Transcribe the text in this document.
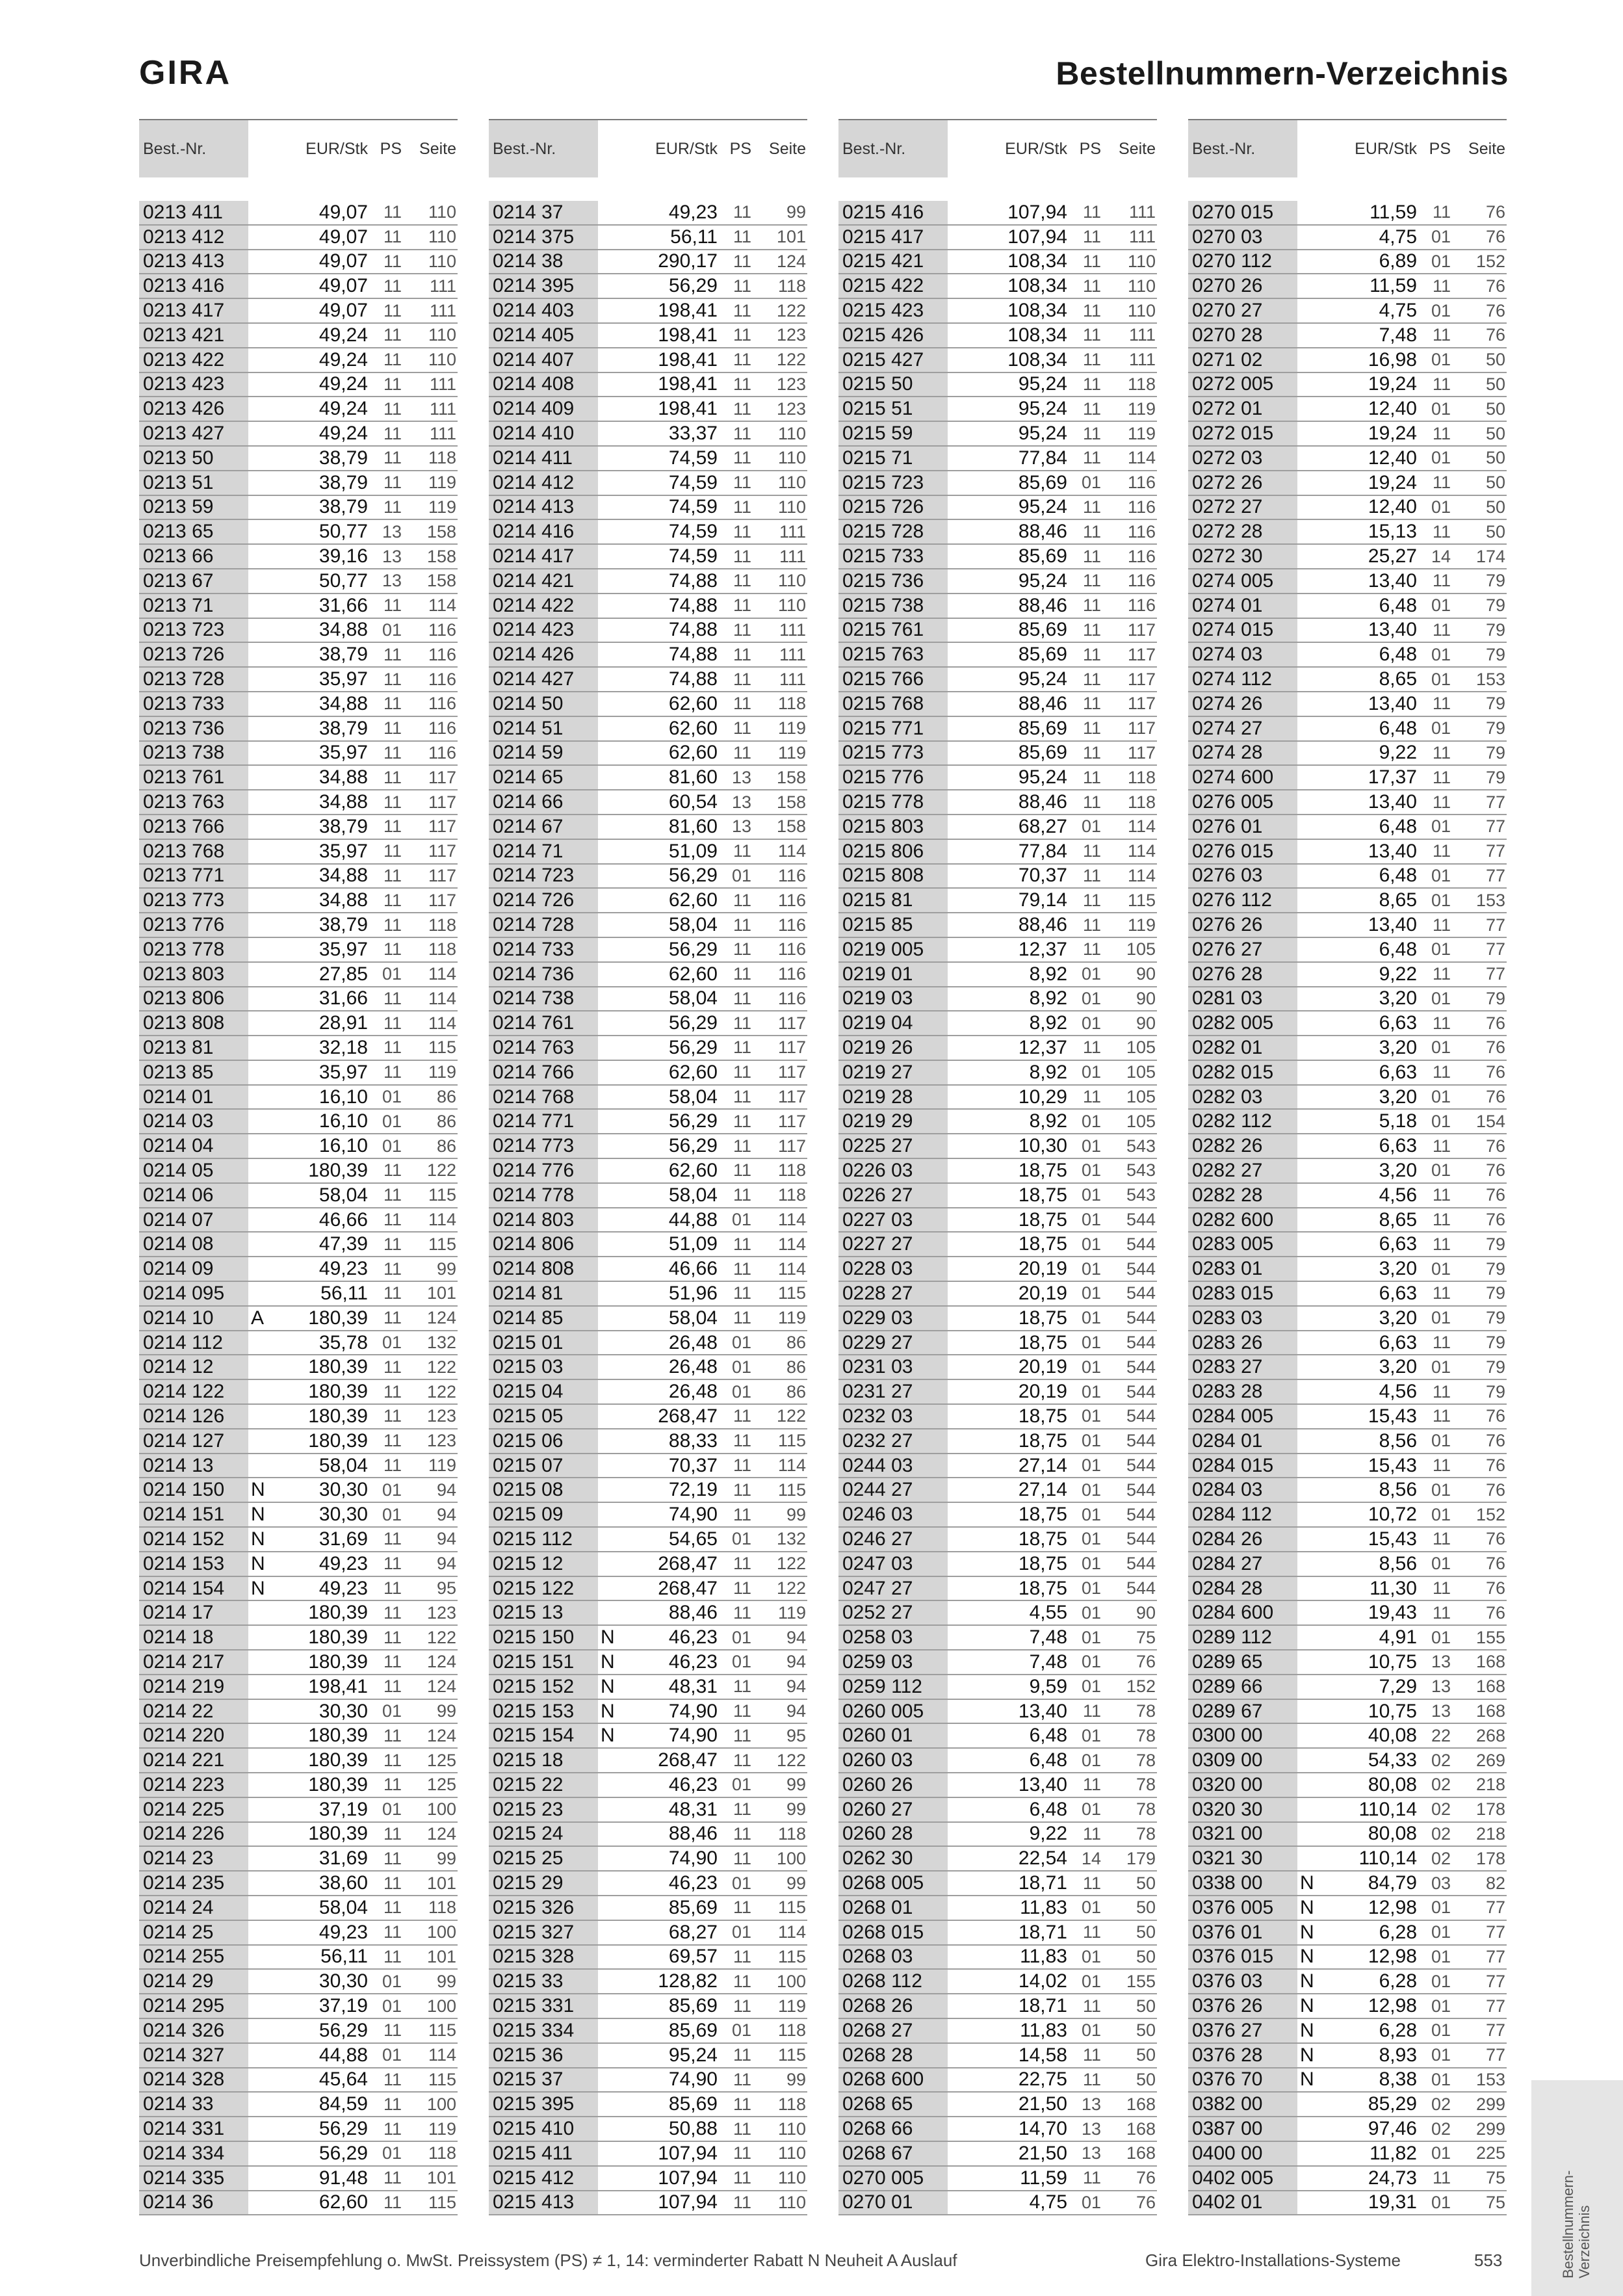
GIRA	Bestellnummern-Verzeichnis
Best.-Nr.	EUR/Stk PS	Seite
0213 411	49,07 11	110
0213 412	49,07 11	110
0213 413	49,07 11	110
0213 416	49,07 11	111
0213 417	49,07 11	111
0213 421	49,24 11	110
0213 422	49,24 11	110
0213 423	49,24 11	111
0213 426	49,24 11	111
0213 427	49,24 11	111
0213 50	38,79 11	118
0213 51	38,79 11	119
0213 59	38,79 11	119
0213 65	50,77 13	158
0213 66	39,16 13	158
0213 67	50,77 13	158
0213 71	31,66 11	114
0213 723	34,88 01	116
0213 726	38,79 11	116
0213 728	35,97 11	116
0213 733	34,88 11	116
0213 736	38,79 11	116
0213 738	35,97 11	116
0213 761	34,88 11	117
0213 763	34,88 11	117
0213 766	38,79 11	117
0213 768	35,97 11	117
0213 771	34,88 11	117
0213 773	34,88 11	117
0213 776	38,79 11	118
0213 778	35,97 11	118
0213 803	27,85 01	114
0213 806	31,66 11	114
0213 808	28,91 11	114
0213 81	32,18 11	115
0213 85	35,97 11	119
0214 01	16,10 01	86
0214 03	16,10 01	86
0214 04	16,10 01	86
0214 05	180,39 11	122
0214 06	58,04 11	115
0214 07	46,66 11	114
0214 08	47,39 11	115
0214 09	49,23 11	99
0214 095	56,11 11	101
0214 10	A	180,39 11	124
0214 112	35,78 01	132
0214 12	180,39 11	122
0214 122	180,39 11	122
0214 126	180,39 11	123
0214 127	180,39 11	123
0214 13	58,04 11	119
0214 150	N	30,30 01	94
0214 151	N	30,30 01	94
0214 152	N	31,69 11	94
0214 153	N	49,23 11	94
0214 154	N	49,23 11	95
0214 17	180,39 11	123
0214 18	180,39 11	122
0214 217	180,39 11	124
0214 219	198,41 11	124
0214 22	30,30 01	99
0214 220	180,39 11	124
0214 221	180,39 11	125
0214 223	180,39 11	125
0214 225	37,19 01	100
0214 226	180,39 11	124
0214 23	31,69 11	99
0214 235	38,60 11	101
0214 24	58,04 11	118
0214 25	49,23 11	100
0214 255	56,11 11	101
0214 29	30,30 01	99
0214 295	37,19 01	100
0214 326	56,29 11	115
0214 327	44,88 01	114
0214 328	45,64 11	115
0214 33	84,59 11	100
0214 331	56,29 11	119
0214 334	56,29 01	118
0214 335	91,48 11	101
0214 36	62,60 11	115
Best.-Nr.	EUR/Stk PS	Seite
0214 37	49,23 11	99
0214 375	56,11 11	101
0214 38	290,17 11	124
0214 395	56,29 11	118
0214 403	198,41 11	122
0214 405	198,41 11	123
0214 407	198,41 11	122
0214 408	198,41 11	123
0214 409	198,41 11	123
0214 410	33,37 11	110
0214 411	74,59 11	110
0214 412	74,59 11	110
0214 413	74,59 11	110
0214 416	74,59 11	111
0214 417	74,59 11	111
0214 421	74,88 11	110
0214 422	74,88 11	110
0214 423	74,88 11	111
0214 426	74,88 11	111
0214 427	74,88 11	111
0214 50	62,60 11	118
0214 51	62,60 11	119
0214 59	62,60 11	119
0214 65	81,60 13	158
0214 66	60,54 13	158
0214 67	81,60 13	158
0214 71	51,09 11	114
0214 723	56,29 01	116
0214 726	62,60 11	116
0214 728	58,04 11	116
0214 733	56,29 11	116
0214 736	62,60 11	116
0214 738	58,04 11	116
0214 761	56,29 11	117
0214 763	56,29 11	117
0214 766	62,60 11	117
0214 768	58,04 11	117
0214 771	56,29 11	117
0214 773	56,29 11	117
0214 776	62,60 11	118
0214 778	58,04 11	118
0214 803	44,88 01	114
0214 806	51,09 11	114
0214 808	46,66 11	114
0214 81	51,96 11	115
0214 85	58,04 11	119
0215 01	26,48 01	86
0215 03	26,48 01	86
0215 04	26,48 01	86
0215 05	268,47 11	122
0215 06	88,33 11	115
0215 07	70,37 11	114
0215 08	72,19 11	115
0215 09	74,90 11	99
0215 112	54,65 01	132
0215 12	268,47 11	122
0215 122	268,47 11	122
0215 13	88,46 11	119
0215 150	N	46,23 01	94
0215 151	N	46,23 01	94
0215 152	N	48,31 11	94
0215 153	N	74,90 11	94
0215 154	N	74,90 11	95
0215 18	268,47 11	122
0215 22	46,23 01	99
0215 23	48,31 11	99
0215 24	88,46 11	118
0215 25	74,90 11	100
0215 29	46,23 01	99
0215 326	85,69 11	115
0215 327	68,27 01	114
0215 328	69,57 11	115
0215 33	128,82 11	100
0215 331	85,69 11	119
0215 334	85,69 01	118
0215 36	95,24 11	115
0215 37	74,90 11	99
0215 395	85,69 11	118
0215 410	50,88 11	110
0215 411	107,94 11	110
0215 412	107,94 11	110
0215 413	107,94 11	110
Best.-Nr.	EUR/Stk PS	Seite
0215 416	107,94 11	111
0215 417	107,94 11	111
0215 421	108,34 11	110
0215 422	108,34 11	110
0215 423	108,34 11	110
0215 426	108,34 11	111
0215 427	108,34 11	111
0215 50	95,24 11	118
0215 51	95,24 11	119
0215 59	95,24 11	119
0215 71	77,84 11	114
0215 723	85,69 01	116
0215 726	95,24 11	116
0215 728	88,46 11	116
0215 733	85,69 11	116
0215 736	95,24 11	116
0215 738	88,46 11	116
0215 761	85,69 11	117
0215 763	85,69 11	117
0215 766	95,24 11	117
0215 768	88,46 11	117
0215 771	85,69 11	117
0215 773	85,69 11	117
0215 776	95,24 11	118
0215 778	88,46 11	118
0215 803	68,27 01	114
0215 806	77,84 11	114
0215 808	70,37 11	114
0215 81	79,14 11	115
0215 85	88,46 11	119
0219 005	12,37 11	105
0219 01	8,92 01	90
0219 03	8,92 01	90
0219 04	8,92 01	90
0219 26	12,37 11	105
0219 27	8,92 01	105
0219 28	10,29 11	105
0219 29	8,92 01	105
0225 27	10,30 01	543
0226 03	18,75 01	543
0226 27	18,75 01	543
0227 03	18,75 01	544
0227 27	18,75 01	544
0228 03	20,19 01	544
0228 27	20,19 01	544
0229 03	18,75 01	544
0229 27	18,75 01	544
0231 03	20,19 01	544
0231 27	20,19 01	544
0232 03	18,75 01	544
0232 27	18,75 01	544
0244 03	27,14 01	544
0244 27	27,14 01	544
0246 03	18,75 01	544
0246 27	18,75 01	544
0247 03	18,75 01	544
0247 27	18,75 01	544
0252 27	4,55 01	90
0258 03	7,48 01	75
0259 03	7,48 01	76
0259 112	9,59 01	152
0260 005	13,40 11	78
0260 01	6,48 01	78
0260 03	6,48 01	78
0260 26	13,40 11	78
0260 27	6,48 01	78
0260 28	9,22 11	78
0262 30	22,54 14	179
0268 005	18,71 11	50
0268 01	11,83 01	50
0268 015	18,71 11	50
0268 03	11,83 01	50
0268 112	14,02 01	155
0268 26	18,71 11	50
0268 27	11,83 01	50
0268 28	14,58 11	50
0268 600	22,75 11	50
0268 65	21,50 13	168
0268 66	14,70 13	168
0268 67	21,50 13	168
0270 005	11,59 11	76
0270 01	4,75 01	76
Best.-Nr.	EUR/Stk PS	Seite
0270 015	11,59 11	76
0270 03	4,75 01	76
0270 112	6,89 01	152
0270 26	11,59 11	76
0270 27	4,75 01	76
0270 28	7,48 11	76
0271 02	16,98 01	50
0272 005	19,24 11	50
0272 01	12,40 01	50
0272 015	19,24 11	50
0272 03	12,40 01	50
0272 26	19,24 11	50
0272 27	12,40 01	50
0272 28	15,13 11	50
0272 30	25,27 14	174
0274 005	13,40 11	79
0274 01	6,48 01	79
0274 015	13,40 11	79
0274 03	6,48 01	79
0274 112	8,65 01	153
0274 26	13,40 11	79
0274 27	6,48 01	79
0274 28	9,22 11	79
0274 600	17,37 11	79
0276 005	13,40 11	77
0276 01	6,48 01	77
0276 015	13,40 11	77
0276 03	6,48 01	77
0276 112	8,65 01	153
0276 26	13,40 11	77
0276 27	6,48 01	77
0276 28	9,22 11	77
0281 03	3,20 01	79
0282 005	6,63 11	76
0282 01	3,20 01	76
0282 015	6,63 11	76
0282 03	3,20 01	76
0282 112	5,18 01	154
0282 26	6,63 11	76
0282 27	3,20 01	76
0282 28	4,56 11	76
0282 600	8,65 11	76
0283 005	6,63 11	79
0283 01	3,20 01	79
0283 015	6,63 11	79
0283 03	3,20 01	79
0283 26	6,63 11	79
0283 27	3,20 01	79
0283 28	4,56 11	79
0284 005	15,43 11	76
0284 01	8,56 01	76
0284 015	15,43 11	76
0284 03	8,56 01	76
0284 112	10,72 01	152
0284 26	15,43 11	76
0284 27	8,56 01	76
0284 28	11,30 11	76
0284 600	19,43 11	76
0289 112	4,91 01	155
0289 65	10,75 13	168
0289 66	7,29 13	168
0289 67	10,75 13	168
0300 00	40,08 22	268
0309 00	54,33 02	269
0320 00	80,08 02	218
0320 30	110,14 02	178
0321 00	80,08 02	218
0321 30	110,14 02	178
0338 00	N	84,79 03	82
0376 005	N	12,98 01	77
0376 01	N	6,28 01	77
0376 015	N	12,98 01	77
0376 03	N	6,28 01	77
0376 26	N	12,98 01	77
0376 27	N	6,28 01	77
0376 28	N	8,93 01	77
0376 70	N	8,38 01	153
0382 00	85,29 02	299
0387 00	97,46 02	299
0400 00	11,82 01	225
0402 005	24,73 11	75
0402 01	19,31 01	75
Unverbindliche Preisempfehlung o. MwSt. Preissystem (PS) ≠ 1, 14: verminderter Rabatt N Neuheit A Auslauf	Gira Elektro-Installations-Systeme	553	Bestellnummern- Verzeichnis
